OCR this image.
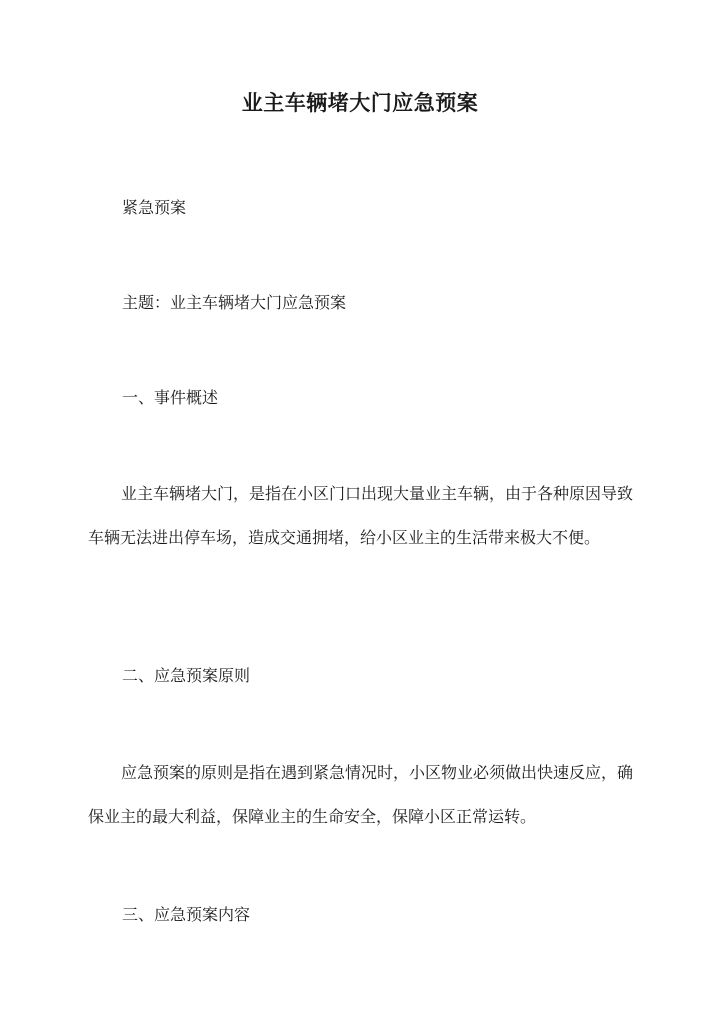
业主车辆堵大门应急预案
紧急预案
主题：业主车辆堵大门应急预案
一、事件概述
业主车辆堵大门，是指在小区门口出现大量业主车辆，由于各种原因导致车辆无法进出停车场，造成交通拥堵，给小区业主的生活带来极大不便。
二、应急预案原则
应急预案的原则是指在遇到紧急情况时，小区物业必须做出快速反应，确保业主的最大利益，保障业主的生命安全，保障小区正常运转。
三、应急预案内容
